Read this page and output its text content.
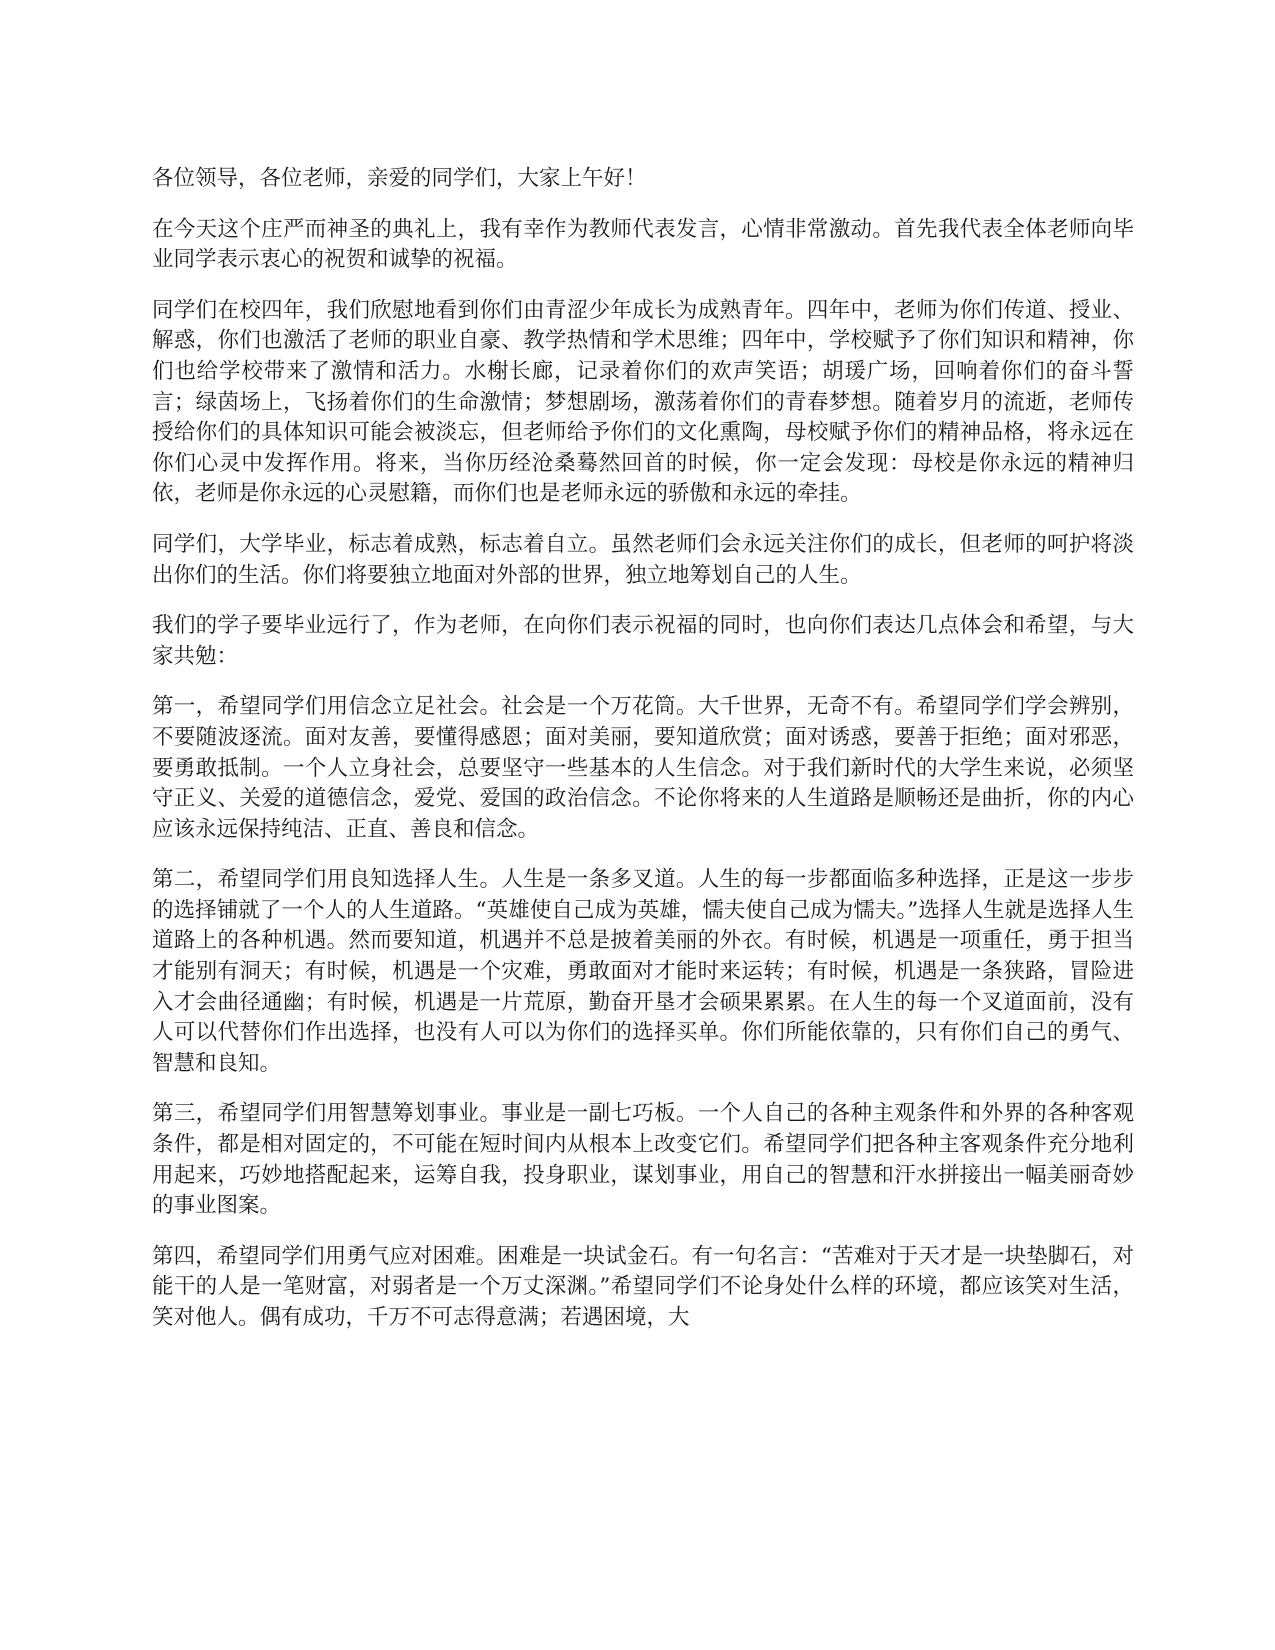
各位领导，各位老师，亲爱的同学们，大家上午好！

在今天这个庄严而神圣的典礼上，我有幸作为教师代表发言，心情非常激动。首先我代表全体老师向毕业同学表示衷心的祝贺和诚挚的祝福。

同学们在校四年，我们欣慰地看到你们由青涩少年成长为成熟青年。四年中，老师为你们传道、授业、解惑，你们也激活了老师的职业自豪、教学热情和学术思维；四年中，学校赋予了你们知识和精神，你们也给学校带来了激情和活力。水榭长廊，记录着你们的欢声笑语；胡瑗广场，回响着你们的奋斗誓言；绿茵场上，飞扬着你们的生命激情；梦想剧场，激荡着你们的青春梦想。随着岁月的流逝，老师传授给你们的具体知识可能会被淡忘，但老师给予你们的文化熏陶，母校赋予你们的精神品格，将永远在你们心灵中发挥作用。将来，当你历经沧桑蓦然回首的时候，你一定会发现：母校是你永远的精神归依，老师是你永远的心灵慰籍，而你们也是老师永远的骄傲和永远的牵挂。

同学们，大学毕业，标志着成熟，标志着自立。虽然老师们会永远关注你们的成长，但老师的呵护将淡出你们的生活。你们将要独立地面对外部的世界，独立地筹划自己的人生。

我们的学子要毕业远行了，作为老师，在向你们表示祝福的同时，也向你们表达几点体会和希望，与大家共勉：

第一，希望同学们用信念立足社会。社会是一个万花筒。大千世界，无奇不有。希望同学们学会辨别，不要随波逐流。面对友善，要懂得感恩；面对美丽，要知道欣赏；面对诱惑，要善于拒绝；面对邪恶，要勇敢抵制。一个人立身社会，总要坚守一些基本的人生信念。对于我们新时代的大学生来说，必须坚守正义、关爱的道德信念，爱党、爱国的政治信念。不论你将来的人生道路是顺畅还是曲折，你的内心应该永远保持纯洁、正直、善良和信念。

第二，希望同学们用良知选择人生。人生是一条多叉道。人生的每一步都面临多种选择，正是这一步步的选择铺就了一个人的人生道路。“英雄使自己成为英雄，懦夫使自己成为懦夫。”选择人生就是选择人生道路上的各种机遇。然而要知道，机遇并不总是披着美丽的外衣。有时候，机遇是一项重任，勇于担当才能别有洞天；有时候，机遇是一个灾难，勇敢面对才能时来运转；有时候，机遇是一条狭路，冒险进入才会曲径通幽；有时候，机遇是一片荒原，勤奋开垦才会硕果累累。在人生的每一个叉道面前，没有人可以代替你们作出选择，也没有人可以为你们的选择买单。你们所能依靠的，只有你们自己的勇气、智慧和良知。

第三，希望同学们用智慧筹划事业。事业是一副七巧板。一个人自己的各种主观条件和外界的各种客观条件，都是相对固定的，不可能在短时间内从根本上改变它们。希望同学们把各种主客观条件充分地利用起来，巧妙地搭配起来，运筹自我，投身职业，谋划事业，用自己的智慧和汗水拼接出一幅美丽奇妙的事业图案。

第四，希望同学们用勇气应对困难。困难是一块试金石。有一句名言：“苦难对于天才是一块垫脚石，对能干的人是一笔财富，对弱者是一个万丈深渊。”希望同学们不论身处什么样的环境，都应该笑对生活，笑对他人。偶有成功，千万不可志得意满；若遇困境，大
